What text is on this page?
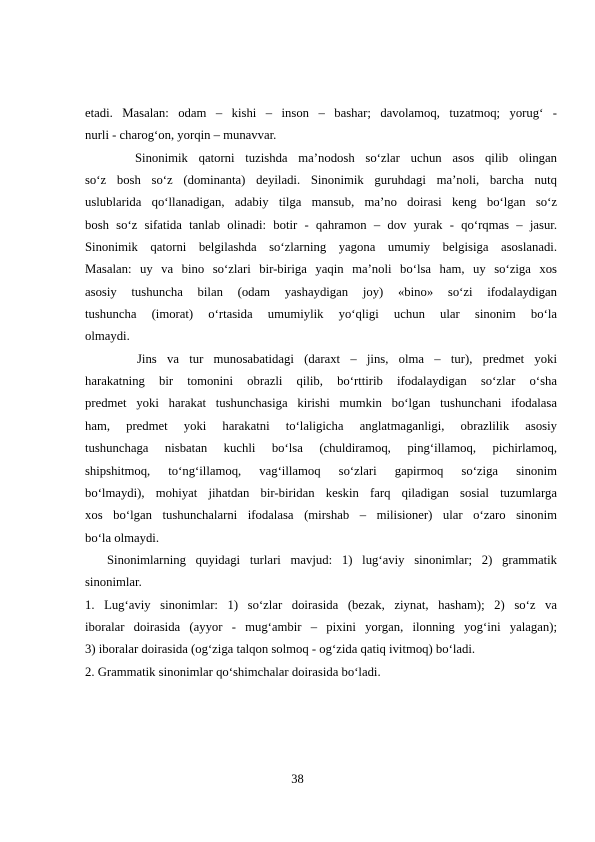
etadi. Masalan: odam – kishi – inson – bashar; davolamoq, tuzatmoq; yorug‘ -
nurli - charog‘on, yorqin – munavvar.
Sinonimik qatorni tuzishda ma’nodosh so‘zlar uchun asos qilib olingan
so‘z bosh so‘z (dominanta) deyiladi. Sinonimik guruhdagi ma’noli, barcha nutq
uslublarida qo‘llanadigan, adabiy tilga mansub, ma’no doirasi keng bo‘lgan so‘z
bosh so‘z sifatida tanlab olinadi: botir - qahramon – dov yurak - qo‘rqmas – jasur.
Sinonimik qatorni belgilashda so‘zlarning yagona umumiy belgisiga asoslanadi.
Masalan: uy va bino so‘zlari bir-biriga yaqin ma’noli bo‘lsa ham, uy so‘ziga xos
asosiy tushuncha bilan (odam yashaydigan joy) «bino» so‘zi ifodalaydigan
tushuncha (imorat) o‘rtasida umumiylik yo‘qligi uchun ular sinonim bo‘la
olmaydi.
Jins va tur munosabatidagi (daraxt – jins, olma – tur), predmet yoki
harakatning bir tomonini obrazli qilib, bo‘rttirib ifodalaydigan so‘zlar o‘sha
predmet yoki harakat tushunchasiga kirishi mumkin bo‘lgan tushunchani ifodalasa
ham, predmet yoki harakatni to‘laligicha anglatmaganligi, obrazlilik asosiy
tushunchaga nisbatan kuchli bo‘lsa (chuldiramoq, ping‘illamoq, pichirlamoq,
shipshitmoq, to‘ng‘illamoq, vag‘illamoq so‘zlari gapirmoq so‘ziga sinonim
bo‘lmaydi), mohiyat jihatdan bir-biridan keskin farq qiladigan sosial tuzumlarga
xos bo‘lgan tushunchalarni ifodalasa (mirshab – milisioner) ular o‘zaro sinonim
bo‘la olmaydi.
Sinonimlarning quyidagi turlari mavjud: 1) lug‘aviy sinonimlar; 2) grammatik
sinonimlar.
1. Lug‘aviy sinonimlar: 1) so‘zlar doirasida (bezak, ziynat, hasham); 2) so‘z va
iboralar doirasida (ayyor - mug‘ambir – pixini yorgan, ilonning yog‘ini yalagan);
3) iboralar doirasida (og‘ziga talqon solmoq - og‘zida qatiq ivitmoq) bo‘ladi.
2. Grammatik sinonimlar qo‘shimchalar doirasida bo‘ladi.
38
